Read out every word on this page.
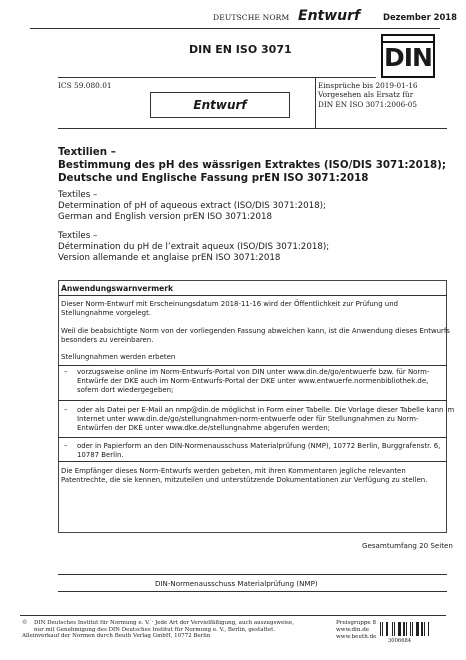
DEUTSCHE NORM Entwurf	Dezember 2018
DIN EN ISO 3071	DIN
ICS 59.080.01
Entwurf
Einsprüche bis 2019-01-16
Vorgesehen als Ersatz für
DIN EN ISO 3071:2006-05
Textilien –
Bestimmung des pH des wässrigen Extraktes (ISO/DIS 3071:2018);
Deutsche und Englische Fassung prEN ISO 3071:2018
Textiles –
Determination of pH of aqueous extract (ISO/DIS 3071:2018);
German and English version prEN ISO 3071:2018
Textiles –
Détermination du pH de l’extrait aqueux (ISO/DIS 3071:2018);
Version allemande et anglaise prEN ISO 3071:2018
Anwendungswarnvermerk
Dieser Norm-Entwurf mit Erscheinungsdatum 2018-11-16 wird der Öffentlichkeit zur Prüfung und
Stellungnahme vorgelegt.
Weil die beabsichtigte Norm von der vorliegenden Fassung abweichen kann, ist die Anwendung dieses Entwurfs
besonders zu vereinbaren.
Stellungnahmen werden erbeten
– vorzugsweise online im Norm-Entwurfs-Portal von DIN unter www.din.de/go/entwuerfe bzw. für Norm-
Entwürfe der DKE auch im Norm-Entwurfs-Portal der DKE unter www.entwuerfe.normenbibliothek.de,
sofern dort wiedergegeben;
– oder als Datei per E-Mail an nmp@din.de möglichst in Form einer Tabelle. Die Vorlage dieser Tabelle kann im
Internet unter www.din.de/go/stellungnahmen-norm-entwuerfe oder für Stellungnahmen zu Norm-
Entwürfen der DKE unter www.dke.de/stellungnahme abgerufen werden;
– oder in Papierform an den DIN-Normenausschuss Materialprüfung (NMP), 10772 Berlin, Burggrafenstr. 6,
10787 Berlin.
Die Empfänger dieses Norm-Entwurfs werden gebeten, mit ihren Kommentaren jegliche relevanten
Patentrechte, die sie kennen, mitzuteilen und unterstützende Dokumentationen zur Verfügung zu stellen.
Gesamtumfang 20 Seiten
DIN-Normenausschuss Materialprüfung (NMP)
©	DIN Deutsches Institut für Normung e. V. · Jede Art der Vervielfältigung, auch auszugsweise,
nur mit Genehmigung des DIN Deutsches Institut für Normung e. V., Berlin, gestattet.
Alleinverkauf der Normen durch Beuth Verlag GmbH, 10772 Berlin
Preisgruppe 8
www.din.de
www.beuth.de
3006684
